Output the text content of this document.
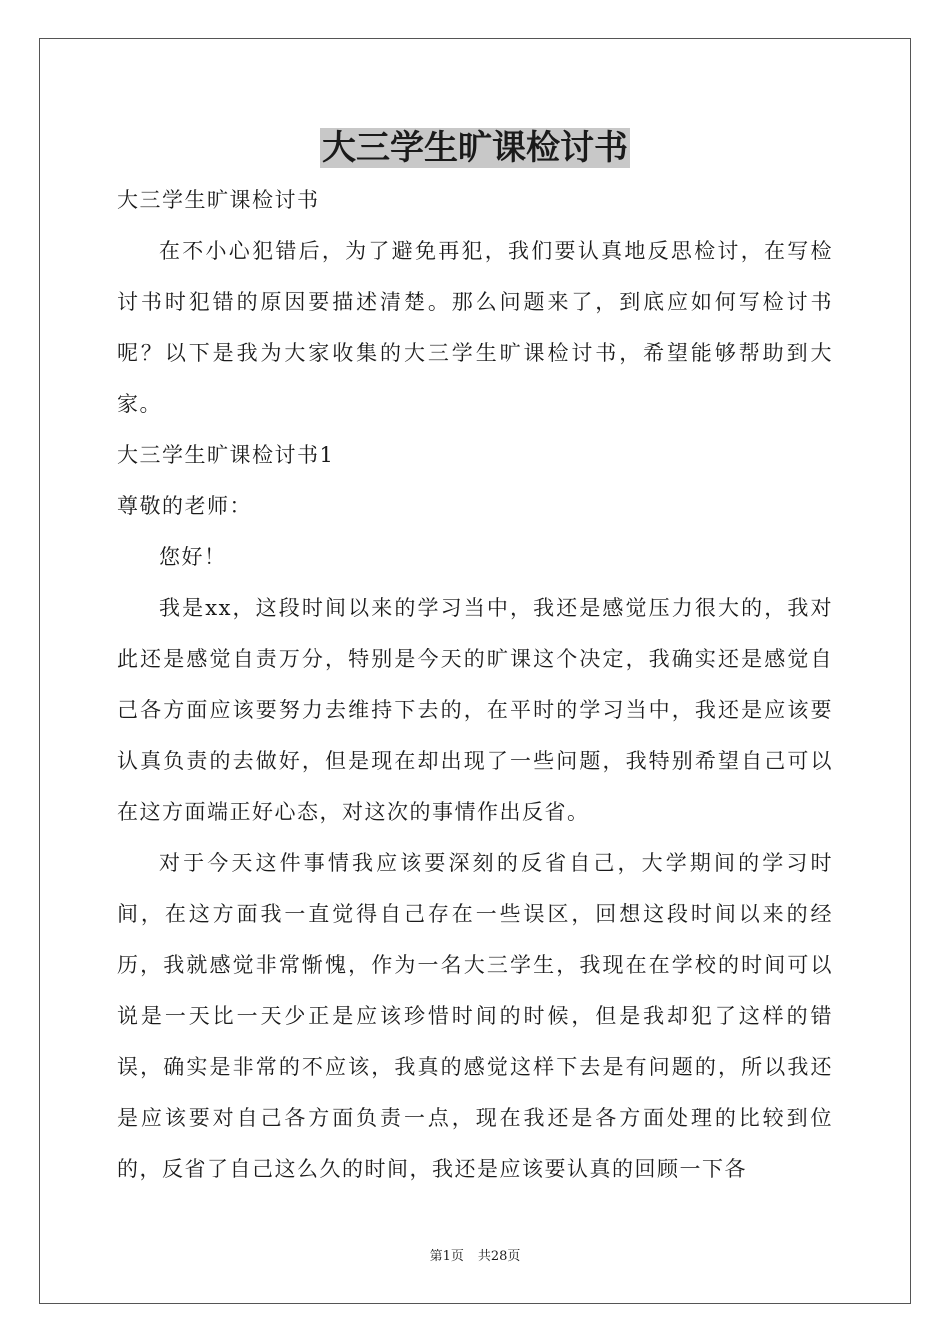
大三学生旷课检讨书

大三学生旷课检讨书

在不小心犯错后，为了避免再犯，我们要认真地反思检讨，在写检讨书时犯错的原因要描述清楚。那么问题来了，到底应如何写检讨书呢？以下是我为大家收集的大三学生旷课检讨书，希望能够帮助到大家。

大三学生旷课检讨书1

尊敬的老师：

您好！

我是xx，这段时间以来的学习当中，我还是感觉压力很大的，我对此还是感觉自责万分，特别是今天的旷课这个决定，我确实还是感觉自己各方面应该要努力去维持下去的，在平时的学习当中，我还是应该要认真负责的去做好，但是现在却出现了一些问题，我特别希望自己可以在这方面端正好心态，对这次的事情作出反省。

对于今天这件事情我应该要深刻的反省自己，大学期间的学习时间，在这方面我一直觉得自己存在一些误区，回想这段时间以来的经历，我就感觉非常惭愧，作为一名大三学生，我现在在学校的时间可以说是一天比一天少正是应该珍惜时间的时候，但是我却犯了这样的错误，确实是非常的不应该，我真的感觉这样下去是有问题的，所以我还是应该要对自己各方面负责一点，现在我还是各方面处理的比较到位的，反省了自己这么久的时间，我还是应该要认真的回顾一下各

第1页 共28页
